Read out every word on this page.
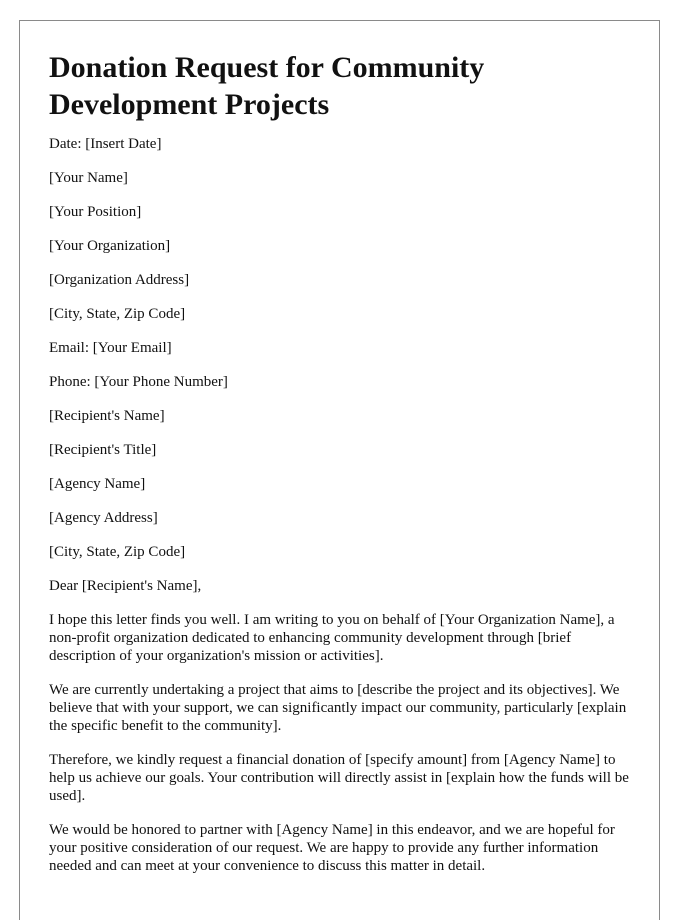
Donation Request for Community Development Projects

Date: [Insert Date]

[Your Name]

[Your Position]

[Your Organization]

[Organization Address]

[City, State, Zip Code]

Email: [Your Email]

Phone: [Your Phone Number]

[Recipient's Name]

[Recipient's Title]

[Agency Name]

[Agency Address]

[City, State, Zip Code]

Dear [Recipient's Name],

I hope this letter finds you well. I am writing to you on behalf of [Your Organization Name], a non-profit organization dedicated to enhancing community development through [brief description of your organization's mission or activities].

We are currently undertaking a project that aims to [describe the project and its objectives]. We believe that with your support, we can significantly impact our community, particularly [explain the specific benefit to the community].

Therefore, we kindly request a financial donation of [specify amount] from [Agency Name] to help us achieve our goals. Your contribution will directly assist in [explain how the funds will be used].

We would be honored to partner with [Agency Name] in this endeavor, and we are hopeful for your positive consideration of our request. We are happy to provide any further information needed and can meet at your convenience to discuss this matter in detail.
